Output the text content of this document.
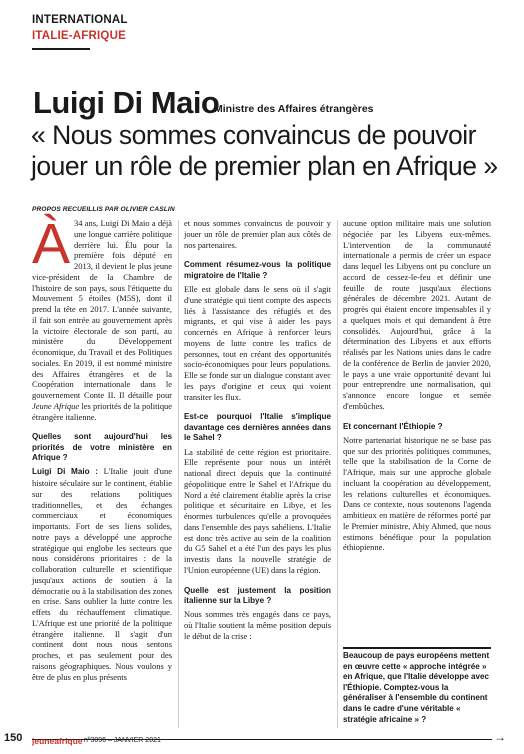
INTERNATIONAL
ITALIE-AFRIQUE
Luigi Di Maio
Ministre des Affaires étrangères
« Nous sommes convaincus de pouvoir jouer un rôle de premier plan en Afrique »
PROPOS RECUEILLIS PAR OLIVIER CASLIN

À 34 ans, Luigi Di Maio a déjà une longue carrière politique derrière lui. Élu pour la première fois député en 2013, il devient le plus jeune vice-président de la Chambre de l'histoire de son pays, sous l'étiquette du Mouvement 5 étoiles (M5S), dont il prend la tête en 2017. L'année suivante, il fait son entrée au gouvernement après la victoire électorale de son parti, au ministère du Développement économique, du Travail et des Politiques sociales. En 2019, il est nommé ministre des Affaires étrangères et de la Coopération internationale dans le gouvernement Conte II. Il détaille pour Jeune Afrique les priorités de la politique étrangère italienne.

Quelles sont aujourd'hui les priorités de votre ministère en Afrique ?

Luigi Di Maio : L'Italie jouit d'une histoire séculaire sur le continent, établie sur des relations politiques traditionnelles, et des échanges commerciaux et économiques importants. Fort de ses liens solides, notre pays a développé une approche stratégique qui englobe les secteurs que nous considérons prioritaires : de la collaboration culturelle et scientifique jusqu'aux actions de soutien à la démocratie ou à la stabilisation des zones en crise. Sans oublier la lutte contre les effets du réchauffement climatique. L'Afrique est une priorité de la politique étrangère italienne. Il s'agit d'un continent dont nous nous sentons proches, et pas seulement pour des raisons géographiques. Nous voulons y être de plus en plus présents

et nous sommes convaincus de pouvoir y jouer un rôle de premier plan aux côtés de nos partenaires.

Comment résumez-vous la politique migratoire de l'Italie ?

Elle est globale dans le sens où il s'agit d'une stratégie qui tient compte des aspects liés à l'assistance des réfugiés et des migrants, et qui vise à aider les pays concernés en Afrique à renforcer leurs moyens de lutte contre les trafics de personnes, tout en créant des opportunités socio-économiques pour leurs populations. Elle se fonde sur un dialogue constant avec les pays d'origine et ceux qui voient transiter les flux.

Est-ce pourquoi l'Italie s'implique davantage ces dernières années dans le Sahel ?

La stabilité de cette région est prioritaire. Elle représente pour nous un intérêt national direct depuis que la continuité géopolitique entre le Sahel et l'Afrique du Nord a été clairement établie après la crise politique et sécuritaire en Libye, et les énormes turbulences qu'elle a provoquées dans l'ensemble des pays sahéliens. L'Italie est donc très active au sein de la coalition du G5 Sahel et a été l'un des pays les plus investis dans la nouvelle stratégie de l'Union européenne (UE) dans la région.

Quelle est justement la position italienne sur la Libye ?

Nous sommes très engagés dans ce pays, où l'Italie soutient la même position depuis le début de la crise :

aucune option militaire mais une solution négociée par les Libyens eux-mêmes. L'intervention de la communauté internationale a permis de créer un espace dans lequel les Libyens ont pu conclure un accord de cessez-le-feu et définir une feuille de route jusqu'aux élections générales de décembre 2021. Autant de progrès qui étaient encore impensables il y a quelques mois et qui demandent à être consolidés. Aujourd'hui, grâce à la détermination des Libyens et aux efforts réalisés par les Nations unies dans le cadre de la conférence de Berlin de janvier 2020, le pays a une vraie opportunité devant lui pour entreprendre une normalisation, qui s'annonce encore longue et semée d'embûches.

Et concernant l'Éthiopie ?

Notre partenariat historique ne se base pas que sur des priorités politiques communes, telle que la stabilisation de la Corne de l'Afrique, mais sur une approche globale incluant la coopération au développement, les relations culturelles et économiques. Dans ce contexte, nous soutenons l'agenda ambitieux en matière de réformes porté par le Premier ministre, Abiy Ahmed, que nous estimons bénéfique pour la population éthiopienne.

Beaucoup de pays européens mettent en œuvre cette « approche intégrée » en Afrique, que l'Italie développe avec l'Éthiopie. Comptez-vous la généraliser à l'ensemble du continent dans le cadre d'une véritable « stratégie africaine » ?

→
150 jeuneafrique nº3096 – JANVIER 2021
